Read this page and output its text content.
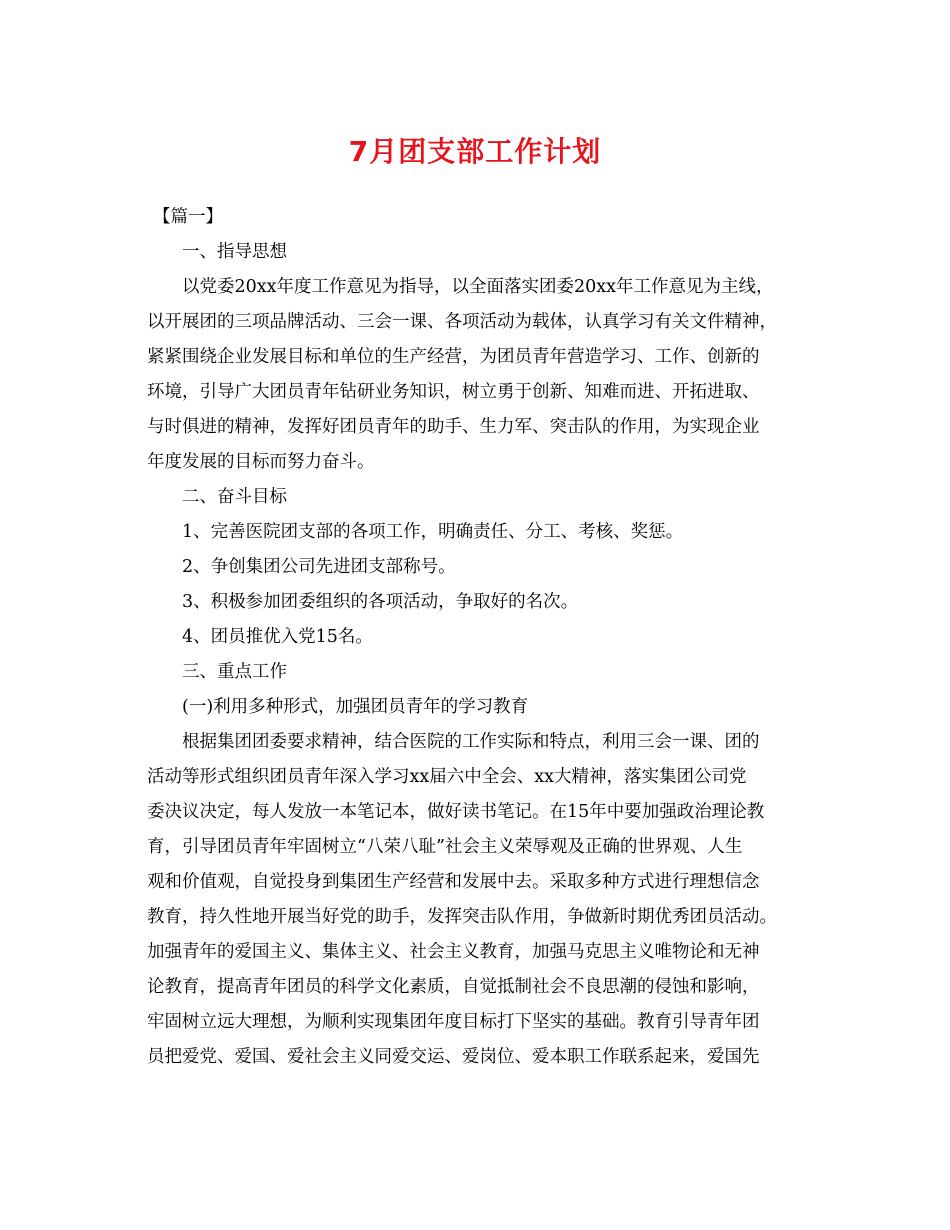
7月团支部工作计划
【篇一】
一、指导思想
以党委20xx年度工作意见为指导，以全面落实团委20xx年工作意见为主线，
以开展团的三项品牌活动、三会一课、各项活动为载体，认真学习有关文件精神，
紧紧围绕企业发展目标和单位的生产经营，为团员青年营造学习、工作、创新的
环境，引导广大团员青年钻研业务知识，树立勇于创新、知难而进、开拓进取、
与时俱进的精神，发挥好团员青年的助手、生力军、突击队的作用，为实现企业
年度发展的目标而努力奋斗。
二、奋斗目标
1、完善医院团支部的各项工作，明确责任、分工、考核、奖惩。
2、争创集团公司先进团支部称号。
3、积极参加团委组织的各项活动，争取好的名次。
4、团员推优入党15名。
三、重点工作
(一)利用多种形式，加强团员青年的学习教育
根据集团团委要求精神，结合医院的工作实际和特点，利用三会一课、团的
活动等形式组织团员青年深入学习xx届六中全会、xx大精神，落实集团公司党
委决议决定，每人发放一本笔记本，做好读书笔记。在15年中要加强政治理论教
育，引导团员青年牢固树立“八荣八耻”社会主义荣辱观及正确的世界观、人生
观和价值观，自觉投身到集团生产经营和发展中去。采取多种方式进行理想信念
教育，持久性地开展当好党的助手，发挥突击队作用，争做新时期优秀团员活动。
加强青年的爱国主义、集体主义、社会主义教育，加强马克思主义唯物论和无神
论教育，提高青年团员的科学文化素质，自觉抵制社会不良思潮的侵蚀和影响，
牢固树立远大理想，为顺利实现集团年度目标打下坚实的基础。教育引导青年团
员把爱党、爱国、爱社会主义同爱交运、爱岗位、爱本职工作联系起来，爱国先
